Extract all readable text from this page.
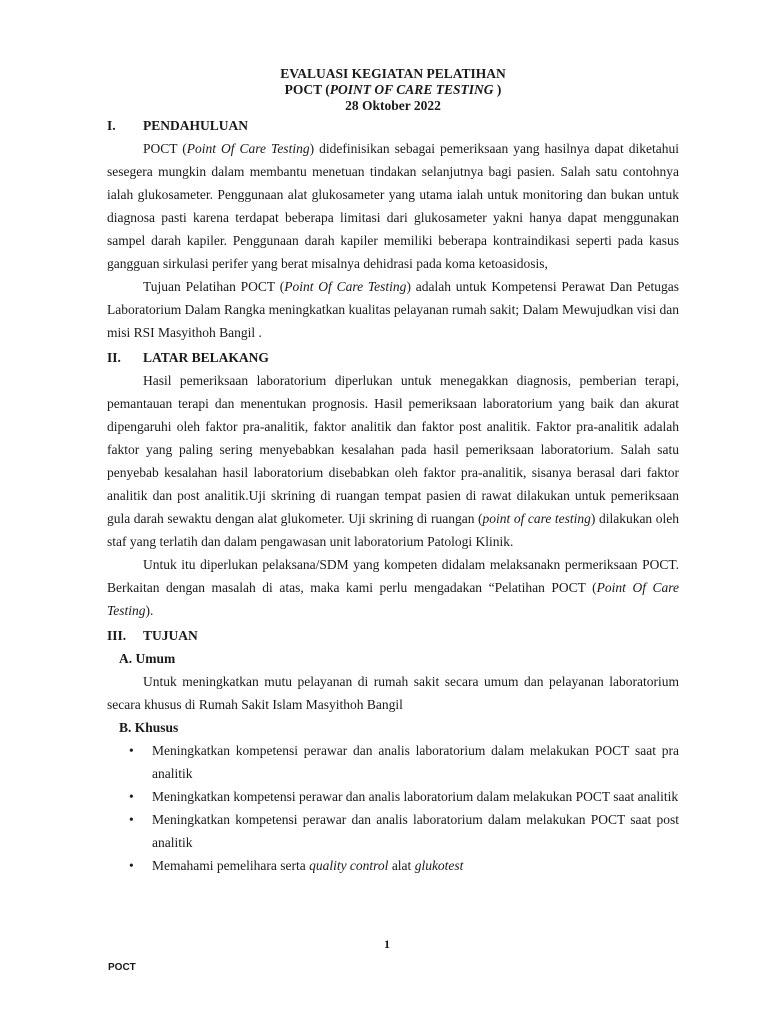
EVALUASI KEGIATAN PELATIHAN
POCT (POINT OF CARE TESTING )
28 Oktober 2022
I.	PENDAHULUAN

POCT (Point Of Care Testing) didefinisikan sebagai pemeriksaan yang hasilnya dapat diketahui sesegera mungkin dalam membantu menetuan tindakan selanjutnya bagi pasien. Salah satu contohnya ialah glukosameter. Penggunaan alat glukosameter yang utama ialah untuk monitoring dan bukan untuk diagnosa pasti karena terdapat beberapa limitasi dari glukosameter yakni hanya dapat menggunakan sampel darah kapiler. Penggunaan darah kapiler memiliki beberapa kontraindikasi seperti pada kasus gangguan sirkulasi perifer yang berat misalnya dehidrasi pada koma ketoasidosis,

Tujuan Pelatihan POCT (Point Of Care Testing) adalah untuk Kompetensi Perawat Dan Petugas Laboratorium Dalam Rangka meningkatkan kualitas pelayanan rumah sakit; Dalam Mewujudkan visi dan misi RSI Masyithoh Bangil .

II.	LATAR BELAKANG

Hasil pemeriksaan laboratorium diperlukan untuk menegakkan diagnosis, pemberian terapi, pemantauan terapi dan menentukan prognosis. Hasil pemeriksaan laboratorium yang baik dan akurat dipengaruhi oleh faktor pra-analitik, faktor analitik dan faktor post analitik. Faktor pra-analitik adalah faktor yang paling sering menyebabkan kesalahan pada hasil pemeriksaan laboratorium. Salah satu penyebab kesalahan hasil laboratorium disebabkan oleh faktor pra-analitik, sisanya berasal dari faktor analitik dan post analitik.Uji skrining di ruangan tempat pasien di rawat dilakukan untuk pemeriksaan gula darah sewaktu dengan alat glukometer. Uji skrining di ruangan (point of care testing) dilakukan oleh staf yang terlatih dan dalam pengawasan unit laboratorium Patologi Klinik.

Untuk itu diperlukan pelaksana/SDM yang kompeten didalam melaksanakn permeriksaan POCT. Berkaitan dengan masalah di atas, maka kami perlu mengadakan “Pelatihan POCT (Point Of Care Testing).

III.	TUJUAN
A. Umum

Untuk meningkatkan mutu pelayanan di rumah sakit secara umum dan pelayanan laboratorium secara khusus di Rumah Sakit Islam Masyithoh Bangil

B. Khusus
• Meningkatkan kompetensi perawar dan analis laboratorium dalam melakukan POCT saat pra analitik
• Meningkatkan kompetensi perawar dan analis laboratorium dalam melakukan POCT saat analitik
• Meningkatkan kompetensi perawar dan analis laboratorium dalam melakukan POCT saat post analitik
• Memahami pemelihara serta quality control alat glukotest
1
POCT
